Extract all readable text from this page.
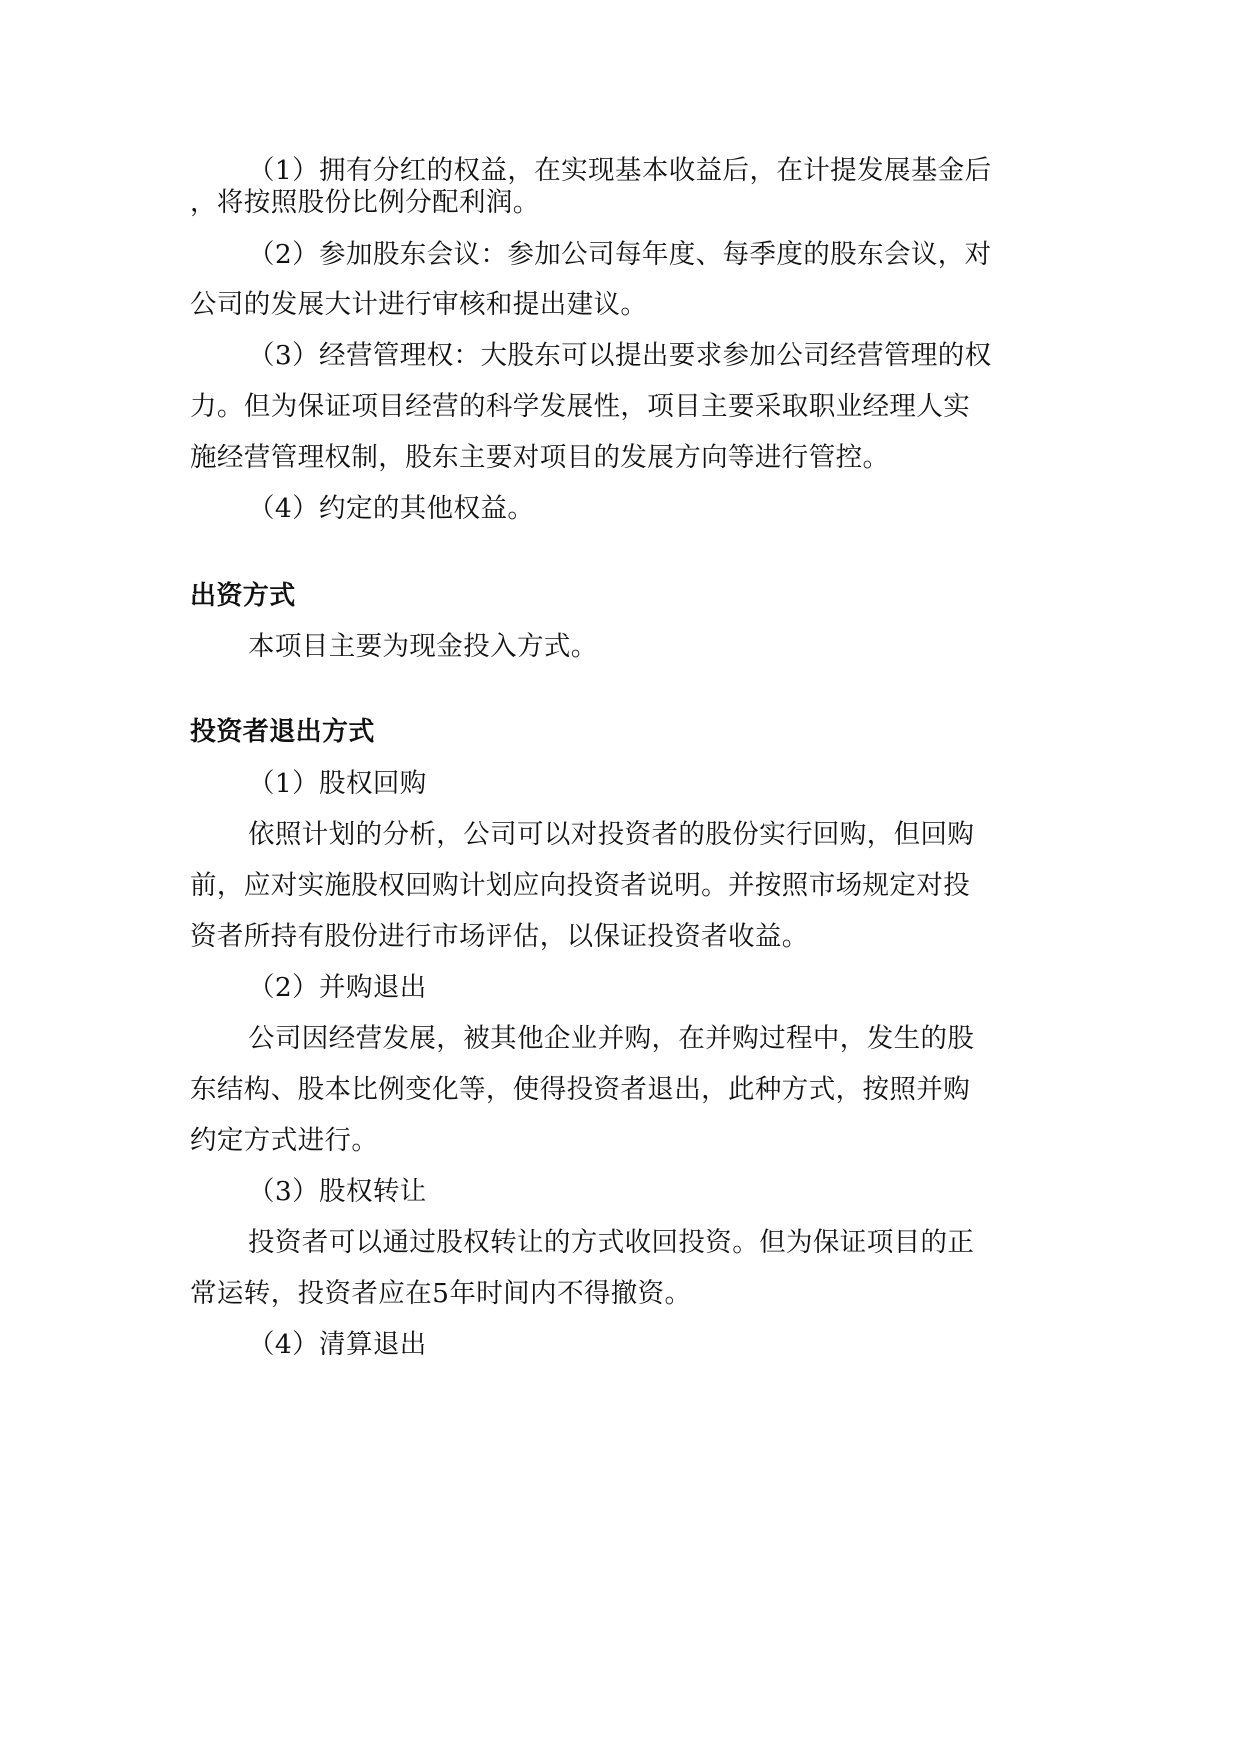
（1）拥有分红的权益，在实现基本收益后，在计提发展基金后
，将按照股份比例分配利润。
（2）参加股东会议：参加公司每年度、每季度的股东会议，对
公司的发展大计进行审核和提出建议。
（3）经营管理权：大股东可以提出要求参加公司经营管理的权
力。但为保证项目经营的科学发展性，项目主要采取职业经理人实
施经营管理权制，股东主要对项目的发展方向等进行管控。
（4）约定的其他权益。
出资方式
本项目主要为现金投入方式。
投资者退出方式
（1）股权回购
依照计划的分析，公司可以对投资者的股份实行回购，但回购
前，应对实施股权回购计划应向投资者说明。并按照市场规定对投
资者所持有股份进行市场评估，以保证投资者收益。
（2）并购退出
公司因经营发展，被其他企业并购，在并购过程中，发生的股
东结构、股本比例变化等，使得投资者退出，此种方式，按照并购
约定方式进行。
（3）股权转让
投资者可以通过股权转让的方式收回投资。但为保证项目的正
常运转，投资者应在5年时间内不得撤资。
（4）清算退出
